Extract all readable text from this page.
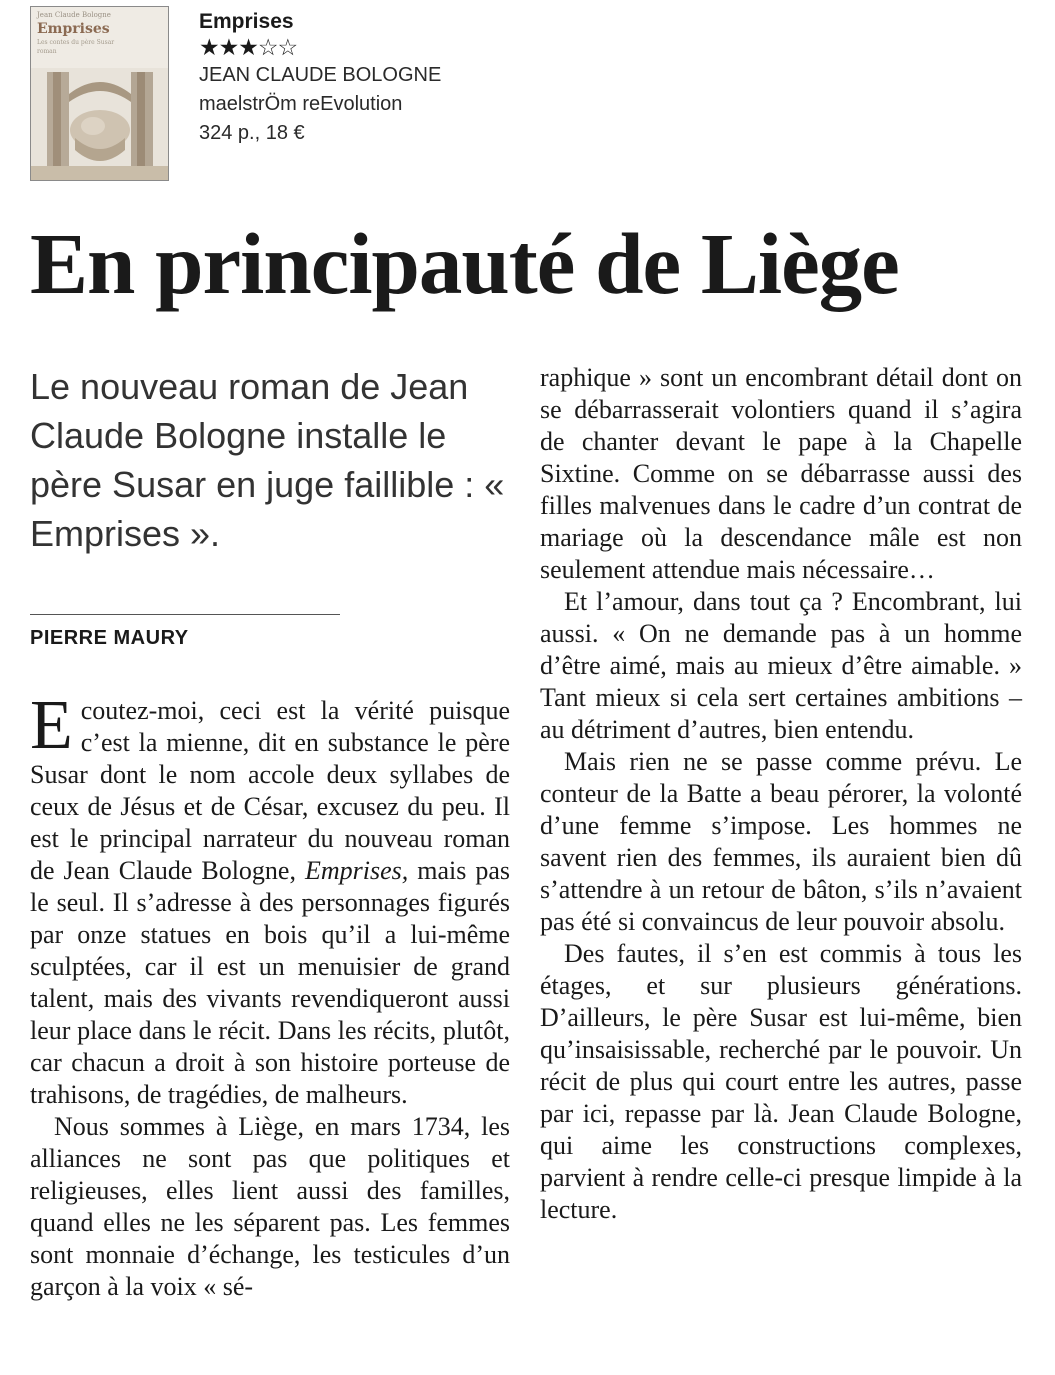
Jean Claude Bologne
Emprises
Les contes du père Susar
roman
Emprises
★★★☆☆
JEAN CLAUDE BOLOGNE
maelstrÖm reEvolution
324 p., 18 €
En principauté de Liège

Le nouveau roman de Jean Claude Bologne installe le père Susar en juge faillible : « Emprises ».

PIERRE MAURY

Ecoutez-moi, ceci est la vérité puisque c’est la mienne, dit en substance le père Susar dont le nom accole deux syllabes de ceux de Jésus et de César, excusez du peu. Il est le principal narrateur du nouveau roman de Jean Claude Bologne, Emprises, mais pas le seul. Il s’adresse à des personnages figurés par onze statues en bois qu’il a lui-même sculptées, car il est un menuisier de grand talent, mais des vivants revendiqueront aussi leur place dans le récit. Dans les récits, plutôt, car chacun a droit à son histoire porteuse de trahisons, de tragédies, de malheurs.

Nous sommes à Liège, en mars 1734, les alliances ne sont pas que politiques et religieuses, elles lient aussi des familles, quand elles ne les séparent pas. Les femmes sont monnaie d’échange, les testicules d’un garçon à la voix « sé-

raphique » sont un encombrant détail dont on se débarrasserait volontiers quand il s’agira de chanter devant le pape à la Chapelle Sixtine. Comme on se débarrasse aussi des filles malvenues dans le cadre d’un contrat de mariage où la descendance mâle est non seulement attendue mais nécessaire…

Et l’amour, dans tout ça ? Encombrant, lui aussi. « On ne demande pas à un homme d’être aimé, mais au mieux d’être aimable. » Tant mieux si cela sert certaines ambitions – au détriment d’autres, bien entendu.

Mais rien ne se passe comme prévu. Le conteur de la Batte a beau pérorer, la volonté d’une femme s’impose. Les hommes ne savent rien des femmes, ils auraient bien dû s’attendre à un retour de bâton, s’ils n’avaient pas été si convaincus de leur pouvoir absolu.

Des fautes, il s’en est commis à tous les étages, et sur plusieurs générations. D’ailleurs, le père Susar est lui-même, bien qu’insaisissable, recherché par le pouvoir. Un récit de plus qui court entre les autres, passe par ici, repasse par là. Jean Claude Bologne, qui aime les constructions complexes, parvient à rendre celle-ci presque limpide à la lecture.
